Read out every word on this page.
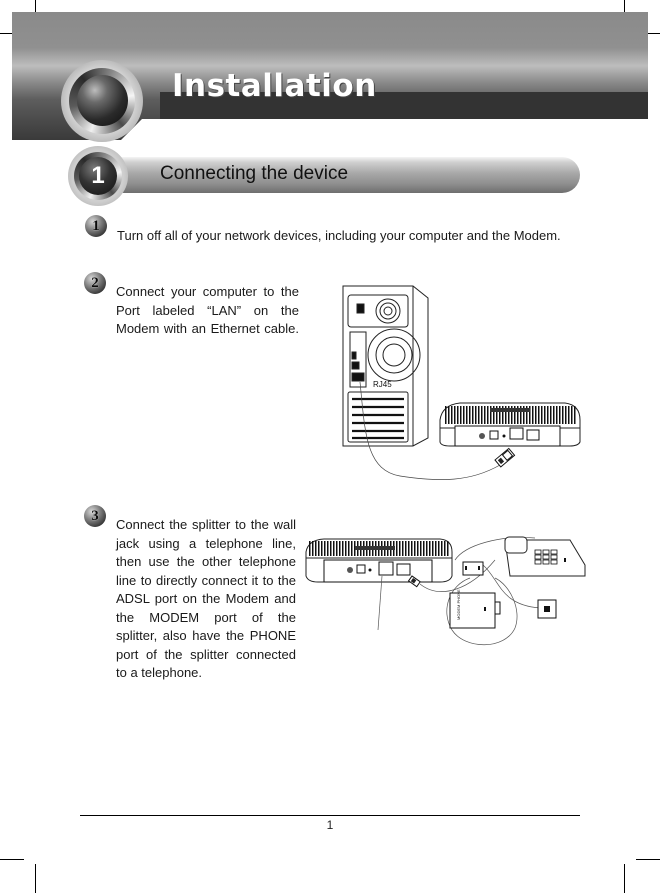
Installation
1	Connecting the device
1
Turn off all of your network devices, including your computer and the Modem.
2
Connect your computer to the
Port labeled “LAN” on the
Modem with an Ethernet cable.
RJ45
3
Connect the splitter to the wall
jack using a telephone line,
then use the other telephone
line to directly connect it to the
ADSL port on the Modem and
the MODEM port of the
splitter, also have the PHONE
port of the splitter connected
to a telephone.
MODEM PHONE
1
